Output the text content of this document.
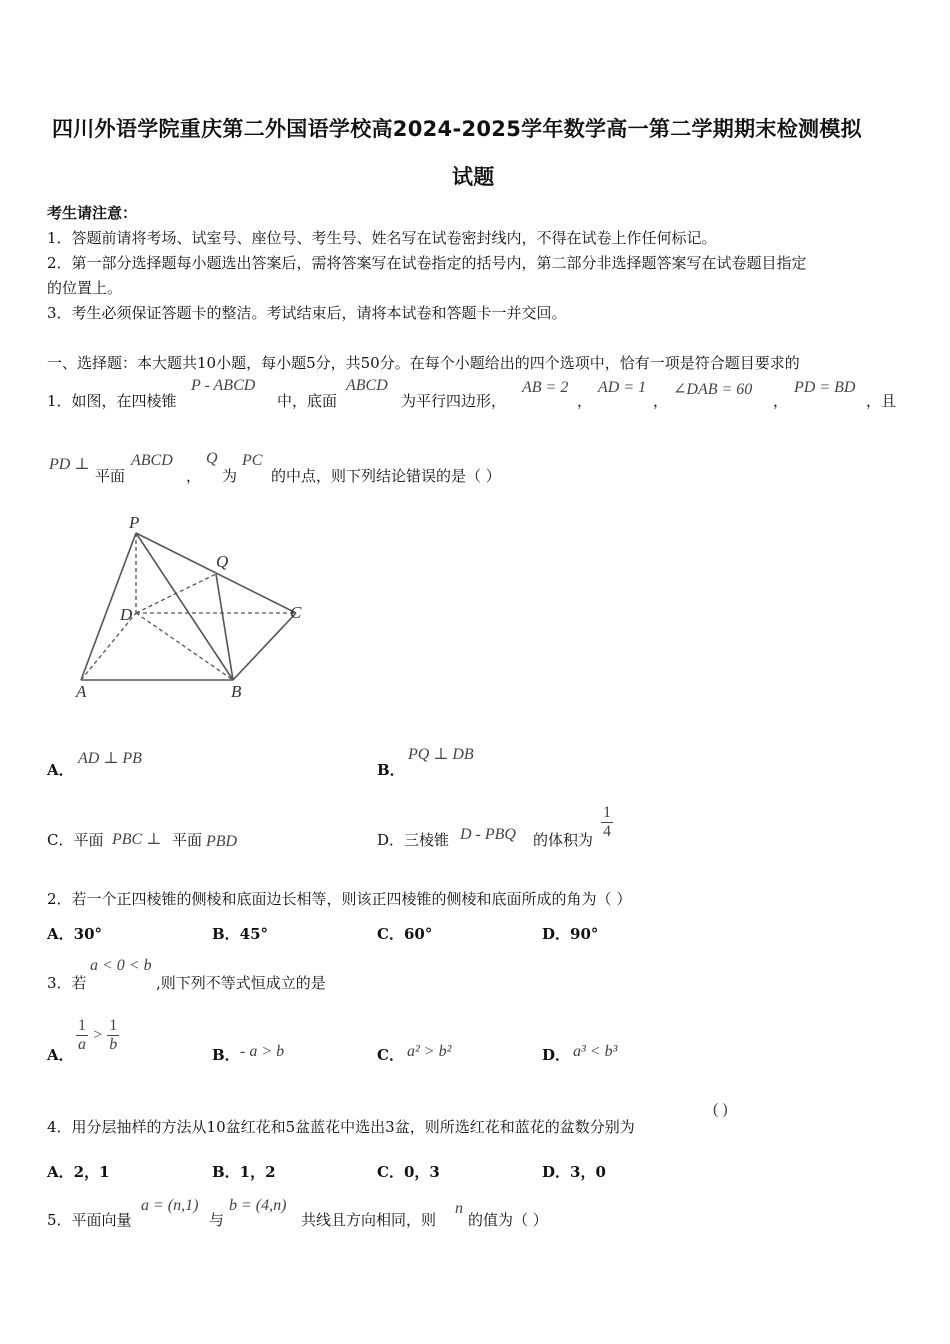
四川外语学院重庆第二外国语学校高2024-2025学年数学高一第二学期期末检测模拟
试题
考生请注意：
1．答题前请将考场、试室号、座位号、考生号、姓名写在试卷密封线内，不得在试卷上作任何标记。
2．第一部分选择题每小题选出答案后，需将答案写在试卷指定的括号内，第二部分非选择题答案写在试卷题目指定
的位置上。
3．考生必须保证答题卡的整洁。考试结束后，请将本试卷和答题卡一并交回。
一、选择题：本大题共10小题，每小题5分，共50分。在每个小题给出的四个选项中，恰有一项是符合题目要求的
1．如图，在四棱锥
P - ABCD
中，底面
ABCD
为平行四边形，
AB = 2
，
AD = 1
，
∠DAB = 60
，
PD = BD
，且
PD ⊥
平面
ABCD
，
Q
为
PC
的中点，则下列结论错误的是（ ）
P
Q
D	C
A	B
A．
AD ⊥ PB
B．
PQ ⊥ DB
C．平面 PBC ⊥ 平面 PBD	D．三棱锥 D - PBQ 的体积为 $\frac{1}{4}$
2．若一个正四棱锥的侧棱和底面边长相等，则该正四棱锥的侧棱和底面所成的角为（ ）
A．30°	B．45°	C．60°	D．90°
3．若
a < 0 < b
,则下列不等式恒成立的是
A．
$\frac{1}{a} > \frac{1}{b}$
B． - a > b	C． a² > b²	D． a³ < b³
4．用分层抽样的方法从10盆红花和5盆蓝花中选出3盆，则所选红花和蓝花的盆数分别为
( )
A．2，1	B．1，2	C．0，3	D．3，0
5．平面向量
a = (n,1)
与
b = (4,n)
共线且方向相同，则
n
的值为（ ）
